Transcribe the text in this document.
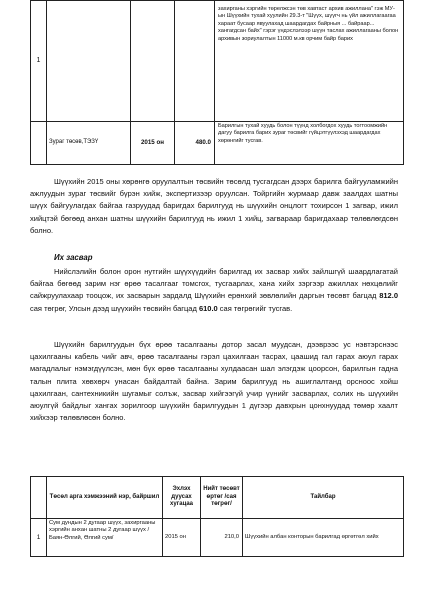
1				захирганы хэргийн төрелжсэн төв хавтаст архив ажиллана" гэж МУ-ын Шүүхийн тухай хуулийн 29.3-т "Шүүх, шүүгч нь үйл ажиллагаагаа хараат бусаар явуулахад шаардагдах байрныя ... байраар... хангагдсан байх" гэрэг үндэслэлээр шүүн таслах ажиллагааны болон архивын зориулалтын 11000 м.кв орчим байр барих
	Зураг төсөв,ТЭЗҮ	2015 он	480.0	Барилгын тухай хуудь болон түүнд холбогдох хуудь тогтоомжийн дагуу барилга барих зураг төсвийг гүйцэтгүүлэхэд шаардагдах хөрөнгийг тусгав.

Шүүхийн 2015 оны хөрөнгө оруулалтын төсвийн төсөлд тусгагдсан дээрх барилга байгууламжийн ажлуудын зураг төсвийг бүрэн хийж, экспертизээр оруулсан. Тойргийн журмаар давж заалдах шатны шүүх байгуулагдах байгаа газруудад баригдах барилгууд нь шүүхийн онцлогт тохирсон 1 загвар, ижил хийцтэй бөгөөд анхан шатны шүүхийн барилгууд нь ижил 1 хийц, загвараар баригдахаар төлөвлөгдсөн болно.

Их засвар

Нийслэлийн болон орон нутгийн шүүхүүдийн барилгад их засвар хийх зайлшгүй шаардлагатай байгаа бөгөөд зарим нэг өрөө тасалгааг томсгох, тусгаарлах, хана хийх зэргээр ажиллах нөхцөлийг сайжруулахаар тооцож, их засварын зардалд Шүүхийн ерөнхий зөвлөлийн даргын төсөвт багцад 812.0 сая төгрөг, Улсын дээд шүүхийн төсвийн багцад 610.0 сая төгрөгийг тусгав.

Шүүхийн барилгуудын бүх өрөө тасалгааны дотор засал муудсан, дээврээс ус нэвтэрснээс цахилгааны кабель чийг авч, өрөө тасалгааны гэрэл цахилгаан тасрах, цаашид гал гарах аюул гарах магадлалыг нэмэгдүүлсэн, мөн бүх өрөө тасалгааны хулдаасан шал элэгдэж цоорсон, барилгын гадна талын плита хөвхөрч унасан байдалтай байна. Зарим барилгууд нь ашиглалтанд орсноос хойш цахилгаан, сантехникийн шугамыг солъж, засвар хийгээгүй учир үүнийг засварлах, солих нь шүүхийн аюулгүй байдлыг хангах зорилгоор шүүхийн барилгуудын 1 дүгээр давхрын цонхнуудад төмөр хаалт хийхээр төлөвлөсөн болно.

	Төсөл арга хэмжээний нэр, байршил	Эхлэх дуусах хугацаа	Нийт төсөвт өртөг /сая төгрөг/	Тайлбар
1	Сум дундын 2 дугаар шүүх, захиргааны хэргийн анхан шатны 2 дугаар шүүх /Баян-Өлгий, Өлгий сум/	2015 он	210,0	Шүүхийн албан конторын барилгад өргөтгөл хийх
